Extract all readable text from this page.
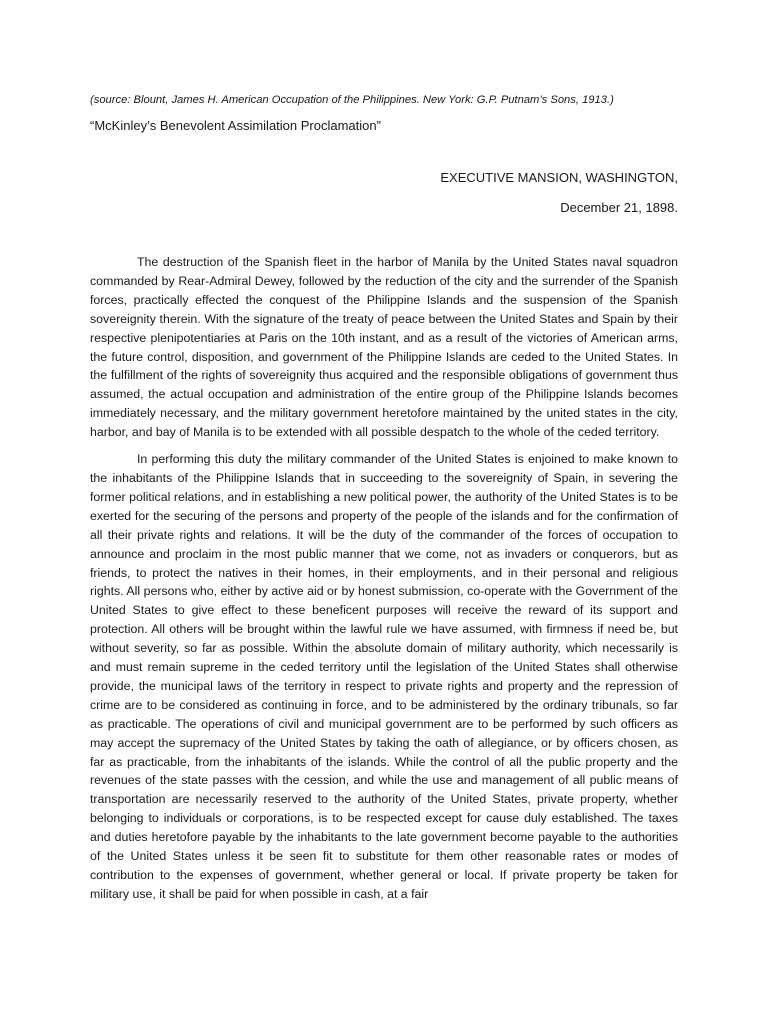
(source: Blount, James H. American Occupation of the Philippines. New York: G.P. Putnam’s Sons, 1913.)

“McKinley’s Benevolent Assimilation Proclamation”

EXECUTIVE MANSION, WASHINGTON,

December 21, 1898.

The destruction of the Spanish fleet in the harbor of Manila by the United States naval squadron commanded by Rear-Admiral Dewey, followed by the reduction of the city and the surrender of the Spanish forces, practically effected the conquest of the Philippine Islands and the suspension of the Spanish sovereignity therein. With the signature of the treaty of peace between the United States and Spain by their respective plenipotentiaries at Paris on the 10th instant, and as a result of the victories of American arms, the future control, disposition, and government of the Philippine Islands are ceded to the United States. In the fulfillment of the rights of sovereignity thus acquired and the responsible obligations of government thus assumed, the actual occupation and administration of the entire group of the Philippine Islands becomes immediately necessary, and the military government heretofore maintained by the united states in the city, harbor, and bay of Manila is to be extended with all possible despatch to the whole of the ceded territory.

In performing this duty the military commander of the United States is enjoined to make known to the inhabitants of the Philippine Islands that in succeeding to the sovereignity of Spain, in severing the former political relations, and in establishing a new political power, the authority of the United States is to be exerted for the securing of the persons and property of the people of the islands and for the confirmation of all their private rights and relations. It will be the duty of the commander of the forces of occupation to announce and proclaim in the most public manner that we come, not as invaders or conquerors, but as friends, to protect the natives in their homes, in their employments, and in their personal and religious rights. All persons who, either by active aid or by honest submission, co-operate with the Government of the United States to give effect to these beneficent purposes will receive the reward of its support and protection. All others will be brought within the lawful rule we have assumed, with firmness if need be, but without severity, so far as possible. Within the absolute domain of military authority, which necessarily is and must remain supreme in the ceded territory until the legislation of the United States shall otherwise provide, the municipal laws of the territory in respect to private rights and property and the repression of crime are to be considered as continuing in force, and to be administered by the ordinary tribunals, so far as practicable. The operations of civil and municipal government are to be performed by such officers as may accept the supremacy of the United States by taking the oath of allegiance, or by officers chosen, as far as practicable, from the inhabitants of the islands. While the control of all the public property and the revenues of the state passes with the cession, and while the use and management of all public means of transportation are necessarily reserved to the authority of the United States, private property, whether belonging to individuals or corporations, is to be respected except for cause duly established. The taxes and duties heretofore payable by the inhabitants to the late government become payable to the authorities of the United States unless it be seen fit to substitute for them other reasonable rates or modes of contribution to the expenses of government, whether general or local. If private property be taken for military use, it shall be paid for when possible in cash, at a fair
